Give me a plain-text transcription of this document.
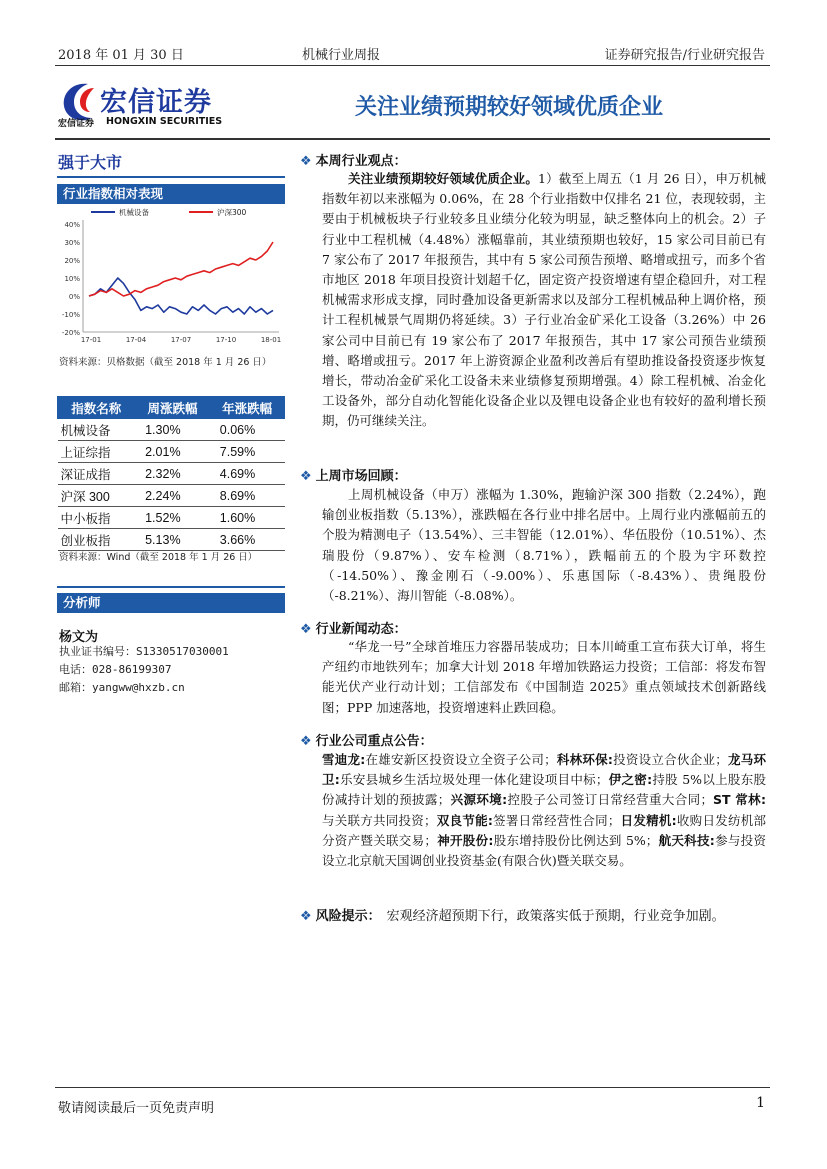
2018 年 01 月 30 日	机械行业周报	证券研究报告/行业研究报告
宏信证券
宏信证券 HONGXIN SECURITIES
关注业绩预期较好领域优质企业
强于大市
行业指数相对表现
40%
30%
20%
10%
0%
-10%
-20%
17-01	17-04	17-07	17-10	18-01
机械设备	沪深300
资料来源：贝格数据（截至 2018 年 1 月 26 日）
指数名称	周涨跌幅	年涨跌幅
机械设备	1.30%	0.06%
上证综指	2.01%	7.59%
深证成指	2.32%	4.69%
沪深 300	2.24%	8.69%
中小板指	1.52%	1.60%
创业板指	5.13%	3.66%
资料来源：Wind（截至 2018 年 1 月 26 日）
分析师
杨文为
执业证书编号：S1330517030001
电话：028-86199307
邮箱：yangww@hxzb.cn
❖ 本周行业观点：
关注业绩预期较好领域优质企业。1）截至上周五（1 月 26 日），申万机械指数年初以来涨幅为 0.06%，在 28 个行业指数中仅排名 21 位，表现较弱，主要由于机械板块子行业较多且业绩分化较为明显，缺乏整体向上的机会。2）子行业中工程机械（4.48%）涨幅靠前，其业绩预期也较好，15 家公司目前已有 7 家公布了 2017 年报预告，其中有 5 家公司预告预增、略增或扭亏，而多个省市地区 2018 年项目投资计划超千亿，固定资产投资增速有望企稳回升，对工程机械需求形成支撑，同时叠加设备更新需求以及部分工程机械品种上调价格，预计工程机械景气周期仍将延续。3）子行业冶金矿采化工设备（3.26%）中 26 家公司中目前已有 19 家公布了 2017 年报预告，其中 17 家公司预告业绩预增、略增或扭亏。2017 年上游资源企业盈利改善后有望助推设备投资逐步恢复增长，带动冶金矿采化工设备未来业绩修复预期增强。4）除工程机械、冶金化工设备外，部分自动化智能化设备企业以及锂电设备企业也有较好的盈利增长预期，仍可继续关注。
❖ 上周市场回顾：
上周机械设备（申万）涨幅为 1.30%，跑输沪深 300 指数（2.24%），跑输创业板指数（5.13%），涨跌幅在各行业中排名居中。上周行业内涨幅前五的个股为精测电子（13.54%）、三丰智能（12.01%）、华伍股份（10.51%）、杰瑞股份（9.87%）、安车检测（8.71%），跌幅前五的个股为宇环数控（-14.50%）、豫金刚石（-9.00%）、乐惠国际（-8.43%）、贵绳股份（-8.21%）、海川智能（-8.08%）。
❖ 行业新闻动态：
“华龙一号”全球首堆压力容器吊装成功；日本川崎重工宣布获大订单，将生产纽约市地铁列车；加拿大计划 2018 年增加铁路运力投资；工信部：将发布智能光伏产业行动计划；工信部发布《中国制造 2025》重点领域技术创新路线图；PPP 加速落地，投资增速料止跌回稳。
❖ 行业公司重点公告：
雪迪龙:在雄安新区投资设立全资子公司；科林环保:投资设立合伙企业；龙马环卫:乐安县城乡生活垃圾处理一体化建设项目中标；伊之密:持股 5%以上股东股份减持计划的预披露；兴源环境:控股子公司签订日常经营重大合同；ST 常林:与关联方共同投资；双良节能:签署日常经营性合同；日发精机:收购日发纺机部分资产暨关联交易；神开股份:股东增持股份比例达到 5%；航天科技:参与投资设立北京航天国调创业投资基金(有限合伙)暨关联交易。
❖ 风险提示： 宏观经济超预期下行，政策落实低于预期，行业竞争加剧。
敬请阅读最后一页免责声明	1
